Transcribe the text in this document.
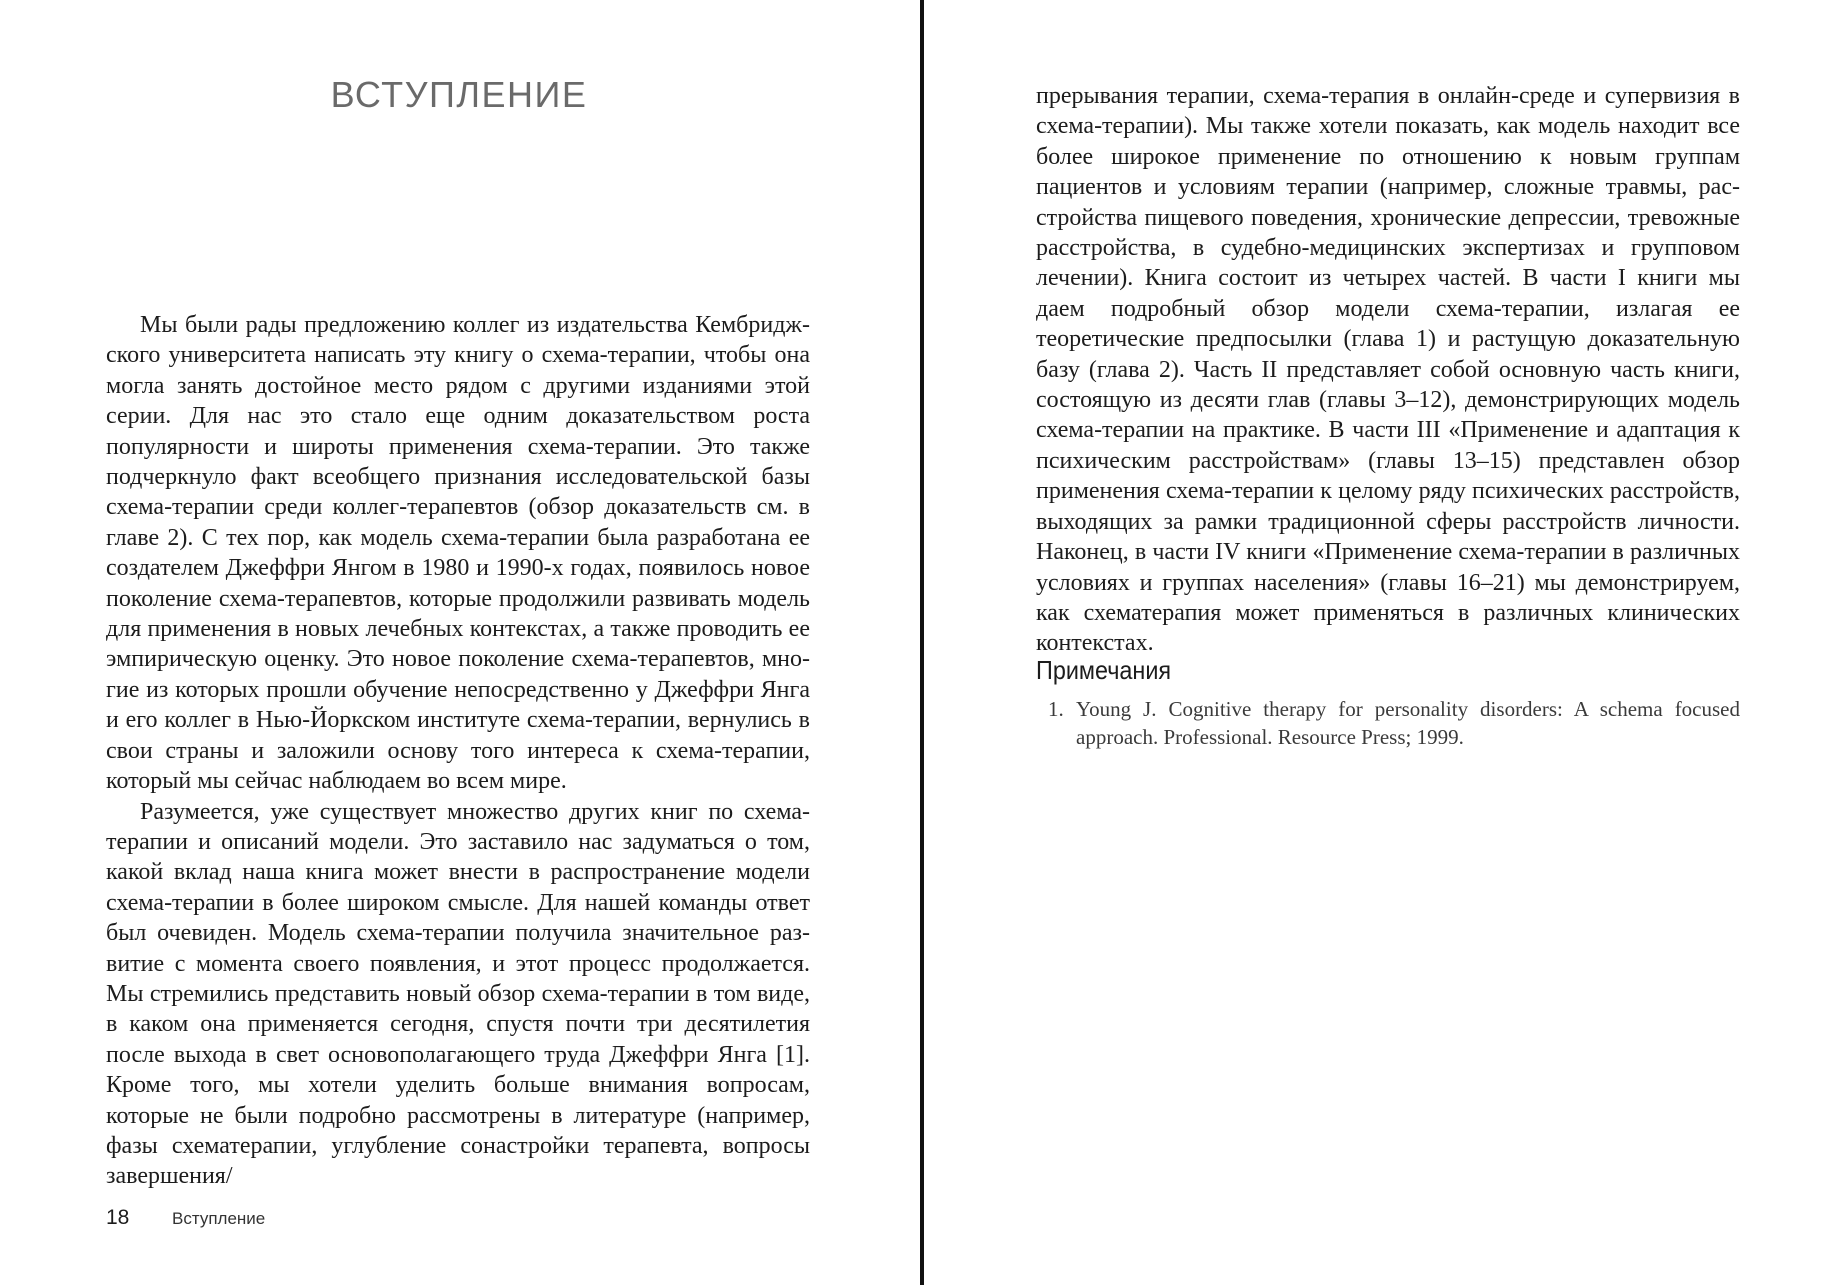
ВСТУПЛЕНИЕ

Мы были рады предложению коллег из издательства Кембриджского университета написать эту книгу о схема-терапии, чтобы она могла занять достойное место рядом с другими изданиями этой серии. Для нас это стало еще одним доказательством роста популярности и широты применения схема-терапии. Это также подчеркнуло факт всеобщего признания исследовательской базы схема-терапии среди коллег-терапевтов (обзор доказательств см. в главе 2). С тех пор, как модель схема-терапии была разработана ее создателем Джеффри Янгом в 1980 и 1990-х годах, появилось новое поколение схема-терапевтов, которые продолжили развивать модель для применения в новых лечебных контекстах, а также проводить ее эмпирическую оценку. Это новое поколение схема-терапевтов, многие из которых прошли обучение непосредственно у Джеффри Янга и его коллег в Нью-Йоркском институте схема-терапии, вернулись в свои страны и заложили основу того интереса к схема-терапии, который мы сейчас наблюдаем во всем мире.

Разумеется, уже существует множество других книг по схематерапии и описаний модели. Это заставило нас задуматься о том, какой вклад наша книга может внести в распространение модели схема-терапии в более широком смысле. Для нашей команды ответ был очевиден. Модель схема-терапии получила значительное развитие с момента своего появления, и этот процесс продолжается. Мы стремились представить новый обзор схема-терапии в том виде, в каком она применяется сегодня, спустя почти три десятилетия после выхода в свет основополагающего труда Джеффри Янга [1]. Кроме того, мы хотели уделить больше внимания вопросам, которые не были подробно рассмотрены в литературе (например, фазы схематерапии, углубление сонастройки терапевта, вопросы завершения/

18	Вступление

прерывания терапии, схема-терапия в онлайн-среде и супервизия в схема-терапии). Мы также хотели показать, как модель находит все более широкое применение по отношению к новым группам пациентов и условиям терапии (например, сложные травмы, расстройства пищевого поведения, хронические депрессии, тревожные расстройства, в судебно-медицинских экспертизах и групповом лечении). Книга состоит из четырех частей. В части I книги мы даем подробный обзор модели схема-терапии, излагая ее теоретические предпосылки (глава 1) и растущую доказательную базу (глава 2). Часть II представляет собой основную часть книги, состоящую из десяти глав (главы 3–12), демонстрирующих модель схема-терапии на практике. В части III «Применение и адаптация к психическим расстройствам» (главы 13–15) представлен обзор применения схема-терапии к целому ряду психических расстройств, выходящих за рамки традиционной сферы расстройств личности. Наконец, в части IV книги «Применение схема-терапии в различных условиях и группах населения» (главы 16–21) мы демонстрируем, как схематерапия может применяться в различных клинических контекстах.

Примечания
1. Young J. Cognitive therapy for personality disorders: A schema focused approach. Professional. Resource Press; 1999.
